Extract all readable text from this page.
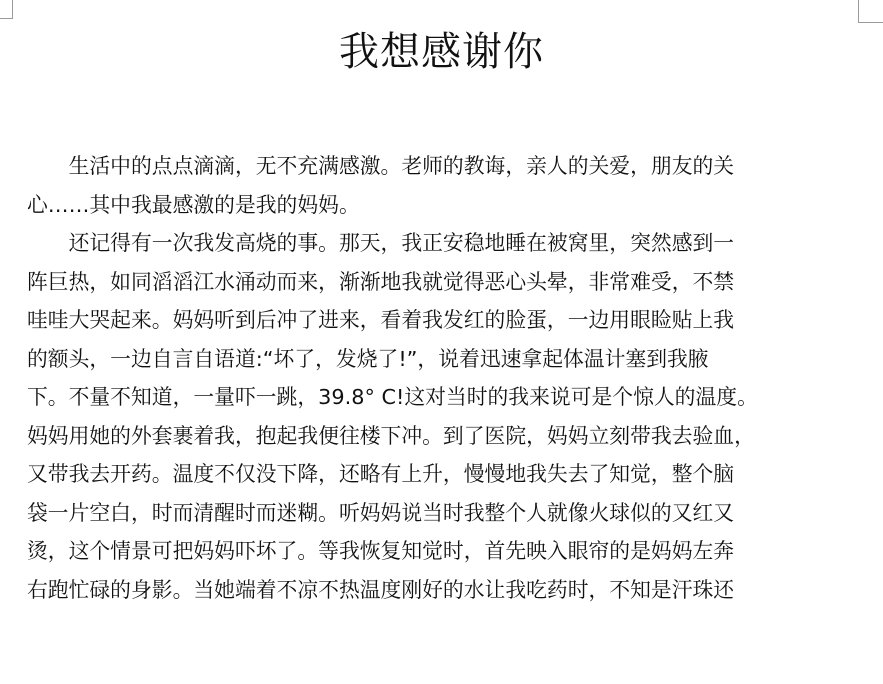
我想感谢你
　　生活中的点点滴滴，无不充满感激。老师的教诲，亲人的关爱，朋友的关
心……其中我最感激的是我的妈妈。
　　还记得有一次我发高烧的事。那天，我正安稳地睡在被窝里，突然感到一
阵巨热，如同滔滔江水涌动而来，渐渐地我就觉得恶心头晕，非常难受，不禁
哇哇大哭起来。妈妈听到后冲了进来，看着我发红的脸蛋，一边用眼睑贴上我
的额头，一边自言自语道:“坏了，发烧了!”，说着迅速拿起体温计塞到我腋
下。不量不知道，一量吓一跳，39.8° C!这对当时的我来说可是个惊人的温度。
妈妈用她的外套裹着我，抱起我便往楼下冲。到了医院，妈妈立刻带我去验血，
又带我去开药。温度不仅没下降，还略有上升，慢慢地我失去了知觉，整个脑
袋一片空白，时而清醒时而迷糊。听妈妈说当时我整个人就像火球似的又红又
烫，这个情景可把妈妈吓坏了。等我恢复知觉时，首先映入眼帘的是妈妈左奔
右跑忙碌的身影。当她端着不凉不热温度刚好的水让我吃药时，不知是汗珠还
